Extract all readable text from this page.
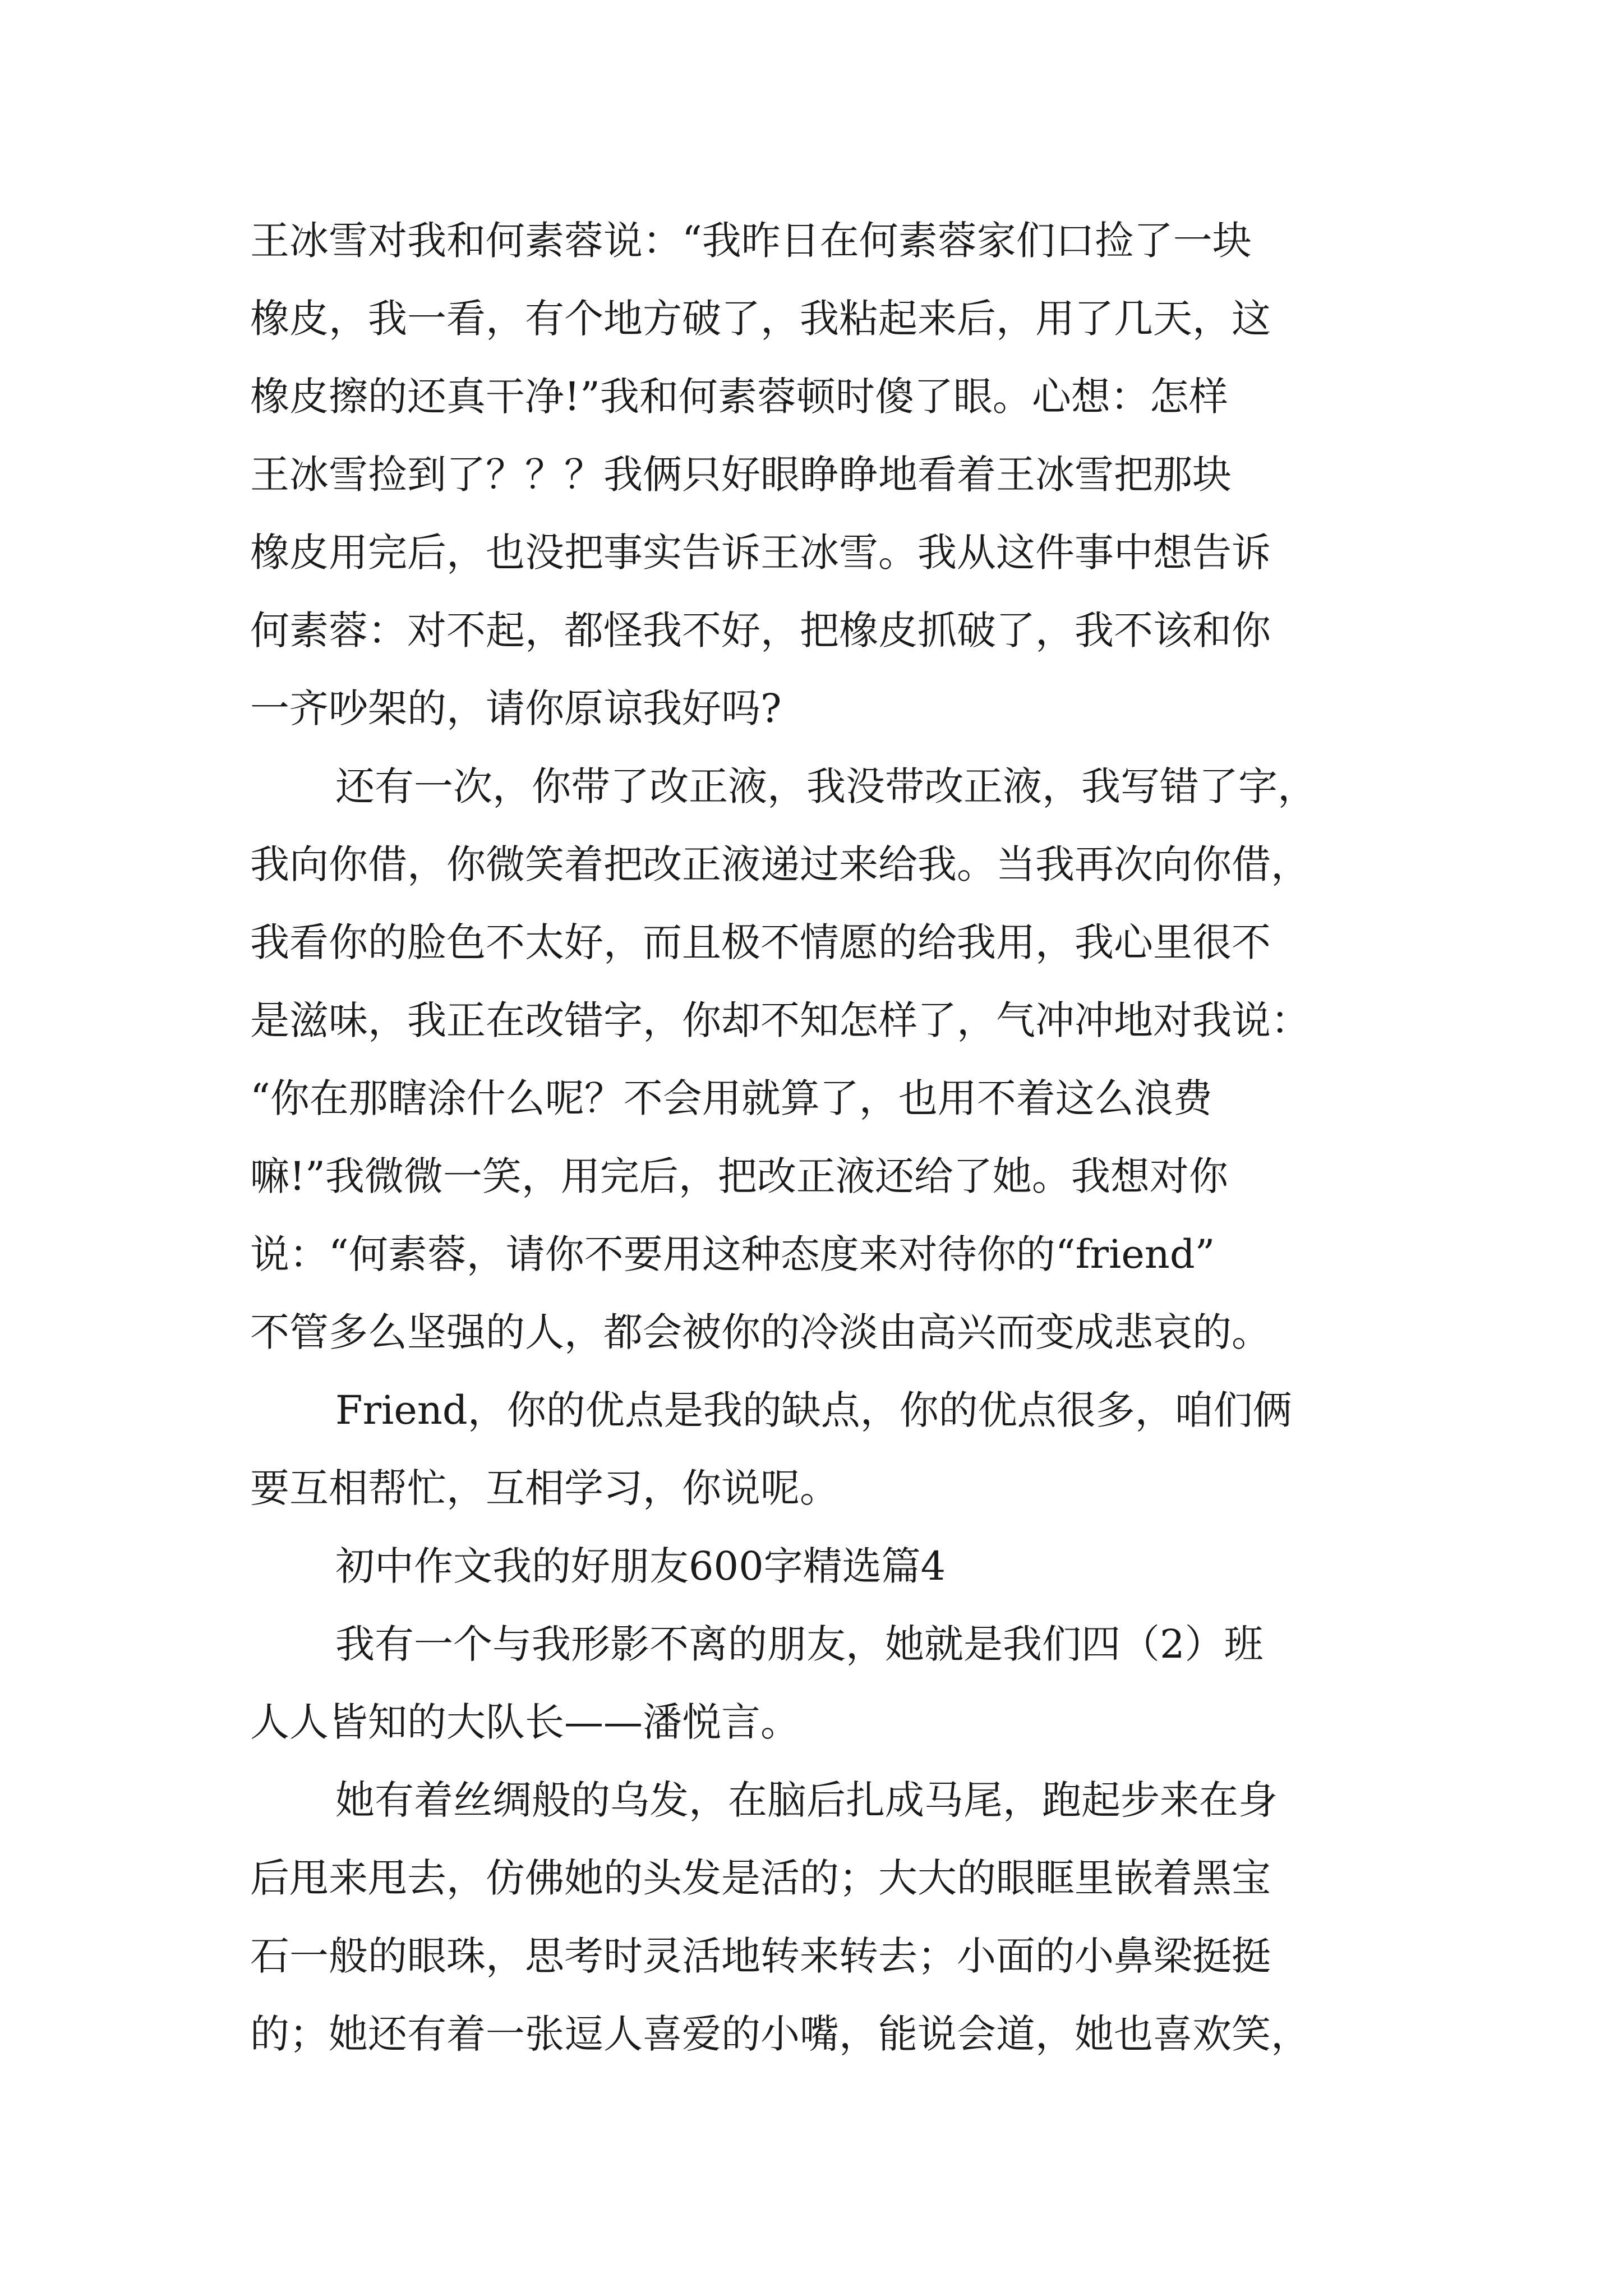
王冰雪对我和何素蓉说：“我昨日在何素蓉家们口捡了一块
橡皮，我一看，有个地方破了，我粘起来后，用了几天，这
橡皮擦的还真干净!”我和何素蓉顿时傻了眼。心想：怎样
王冰雪捡到了？？？我俩只好眼睁睁地看着王冰雪把那块
橡皮用完后，也没把事实告诉王冰雪。我从这件事中想告诉
何素蓉：对不起，都怪我不好，把橡皮抓破了，我不该和你
一齐吵架的，请你原谅我好吗?
还有一次，你带了改正液，我没带改正液，我写错了字，
我向你借，你微笑着把改正液递过来给我。当我再次向你借，
我看你的脸色不太好，而且极不情愿的给我用，我心里很不
是滋味，我正在改错字，你却不知怎样了，气冲冲地对我说：
“你在那瞎涂什么呢？不会用就算了，也用不着这么浪费
嘛!”我微微一笑，用完后，把改正液还给了她。我想对你
说：“何素蓉，请你不要用这种态度来对待你的“friend”
不管多么坚强的人，都会被你的冷淡由高兴而变成悲哀的。
Friend，你的优点是我的缺点，你的优点很多，咱们俩
要互相帮忙，互相学习，你说呢。
初中作文我的好朋友600字精选篇4
我有一个与我形影不离的朋友，她就是我们四（2）班
人人皆知的大队长——潘悦言。
她有着丝绸般的乌发，在脑后扎成马尾，跑起步来在身
后甩来甩去，仿佛她的头发是活的；大大的眼眶里嵌着黑宝
石一般的眼珠，思考时灵活地转来转去；小面的小鼻梁挺挺
的；她还有着一张逗人喜爱的小嘴，能说会道，她也喜欢笑，
